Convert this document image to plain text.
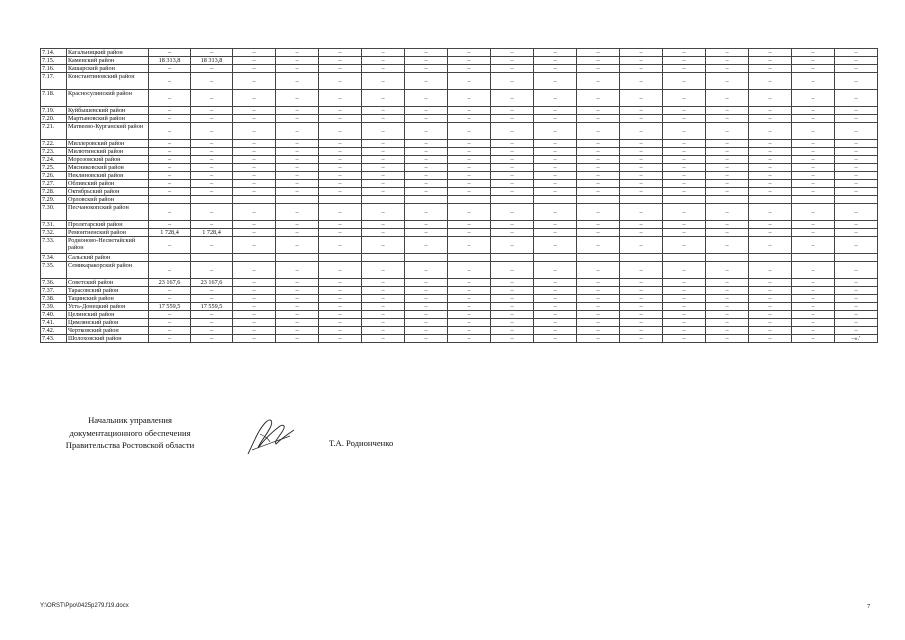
7.14.	Кагальницкий район	–	–	–	–	–	–	–	–	–	–	–	–	–	–	–	–	–
7.15.	Каменский район	18 313,8	18 313,8	–	–	–	–	–	–	–	–	–	–	–	–	–	–	–
7.16.	Кашарский район	–	–	–	–	–	–	–	–	–	–	–	–	–	–	–	–	–
7.17.	Константиновский район	–	–	–	–	–	–	–	–	–	–	–	–	–	–	–	–	–
7.18.	Красносулинский район	–	–	–	–	–	–	–	–	–	–	–	–	–	–	–	–	–
7.19.	Куйбышевский район	–	–	–	–	–	–	–	–	–	–	–	–	–	–	–	–	–
7.20.	Мартыновский район	–	–	–	–	–	–	–	–	–	–	–	–	–	–	–	–	–
7.21.	Матвеево-Курганский район	–	–	–	–	–	–	–	–	–	–	–	–	–	–	–	–	–
7.22.	Миллеровский район	–	–	–	–	–	–	–	–	–	–	–	–	–	–	–	–	–
7.23.	Милютинский район	–	–	–	–	–	–	–	–	–	–	–	–	–	–	–	–	–
7.24.	Морозовский район	–	–	–	–	–	–	–	–	–	–	–	–	–	–	–	–	–
7.25.	Мясниковский район	–	–	–	–	–	–	–	–	–	–	–	–	–	–	–	–	–
7.26.	Неклиновский район	–	–	–	–	–	–	–	–	–	–	–	–	–	–	–	–	–
7.27.	Обливский район	–	–	–	–	–	–	–	–	–	–	–	–	–	–	–	–	–
7.28.	Октябрьский район	–	–	–	–	–	–	–	–	–	–	–	–	–	–	–	–	–
7.29.	Орловский район																	
7.30.	Песчанокопский район	–	–	–	–	–	–	–	–	–	–	–	–	–	–	–	–	–
7.31.	Пролетарский район	–	–	–	–	–	–	–	–	–	–	–	–	–	–	–	–	–
7.32.	Ремонтненский район	1 728,4	1 728,4	–	–	–	–	–	–	–	–	–	–	–	–	–	–	–
7.33.	Родионово-Несветайский район	–	–	–	–	–	–	–	–	–	–	–	–	–	–	–	–	–
7.34.	Сальский район																	
7.35.	Семикаракорский район	–	–	–	–	–	–	–	–	–	–	–	–	–	–	–	–	–
7.36.	Советский район	23 167,6	23 167,6	–	–	–	–	–	–	–	–	–	–	–	–	–	–	–
7.37.	Тарасовский район	–	–	–	–	–	–	–	–	–	–	–	–	–	–	–	–	–
7.38.	Тацинский район	–	–	–	–	–	–	–	–	–	–	–	–	–	–	–	–	–
7.39.	Усть-Донецкий район	17 559,5	17 559,5	–	–	–	–	–	–	–	–	–	–	–	–	–	–	–
7.40.	Целинский район	–	–	–	–	–	–	–	–	–	–	–	–	–	–	–	–	–
7.41.	Цимлянский район	–	–	–	–	–	–	–	–	–	–	–	–	–	–	–	–	–
7.42.	Чертковский район	–	–	–	–	–	–	–	–	–	–	–	–	–	–	–	–	–
7.43.	Шолоховский район	–	–	–	–	–	–	–	–	–	–	–	–	–	–	–	–	–».'
Начальник управления
документационного обеспечения
Правительства Ростовской области	Т.А. Родионченко
Y:\ORST\Ppo\0425p279.f19.docx	7
